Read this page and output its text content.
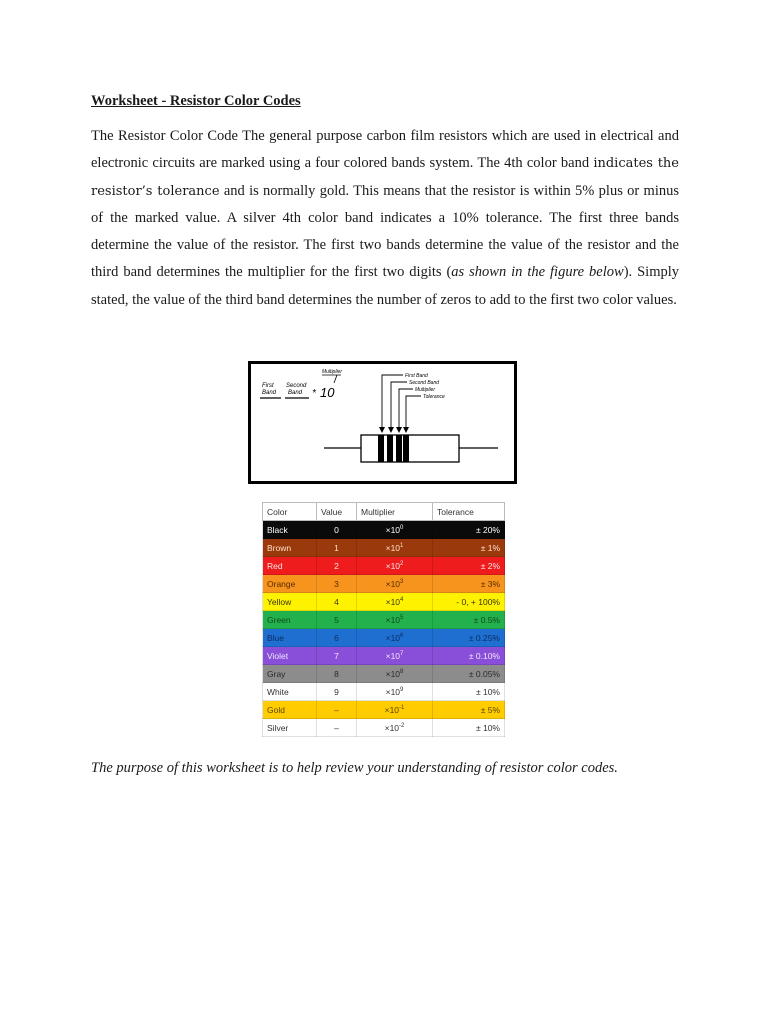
Worksheet - Resistor Color Codes

The Resistor Color Code The general purpose carbon film resistors which are used in electrical and electronic circuits are marked using a four colored bands system. The 4th color band indicates the resistor’s tolerance and is normally gold. This means that the resistor is within 5% plus or minus of the marked value. A silver 4th color band indicates a 10% tolerance. The first three bands determine the value of the resistor. The first two bands determine the value of the resistor and the third band determines the multiplier for the first two digits (as shown in the figure below). Simply stated, the value of the third band determines the number of zeros to add to the first two color values.

First
Band
Second
Band * 10
Multiplier
First Band
Second Band
Multiplier
Tolerance
Color	Value	Multiplier	Tolerance
Black	0	$\times 10^0$	± 20%
Brown	1	$\times 10^1$	± 1%
Red	2	$\times 10^2$	± 2%
Orange	3	$\times 10^3$	± 3%
Yellow	4	$\times 10^4$	- 0, + 100%
Green	5	$\times 10^5$	± 0.5%
Blue	6	$\times 10^6$	± 0.25%
Violet	7	$\times 10^7$	± 0.10%
Gray	8	$\times 10^8$	± 0.05%
White	9	$\times 10^9$	± 10%
Gold	–	$\times 10^{-1}$	± 5%
Silver	–	$\times 10^{-2}$	± 10%

The purpose of this worksheet is to help review your understanding of resistor color codes.
